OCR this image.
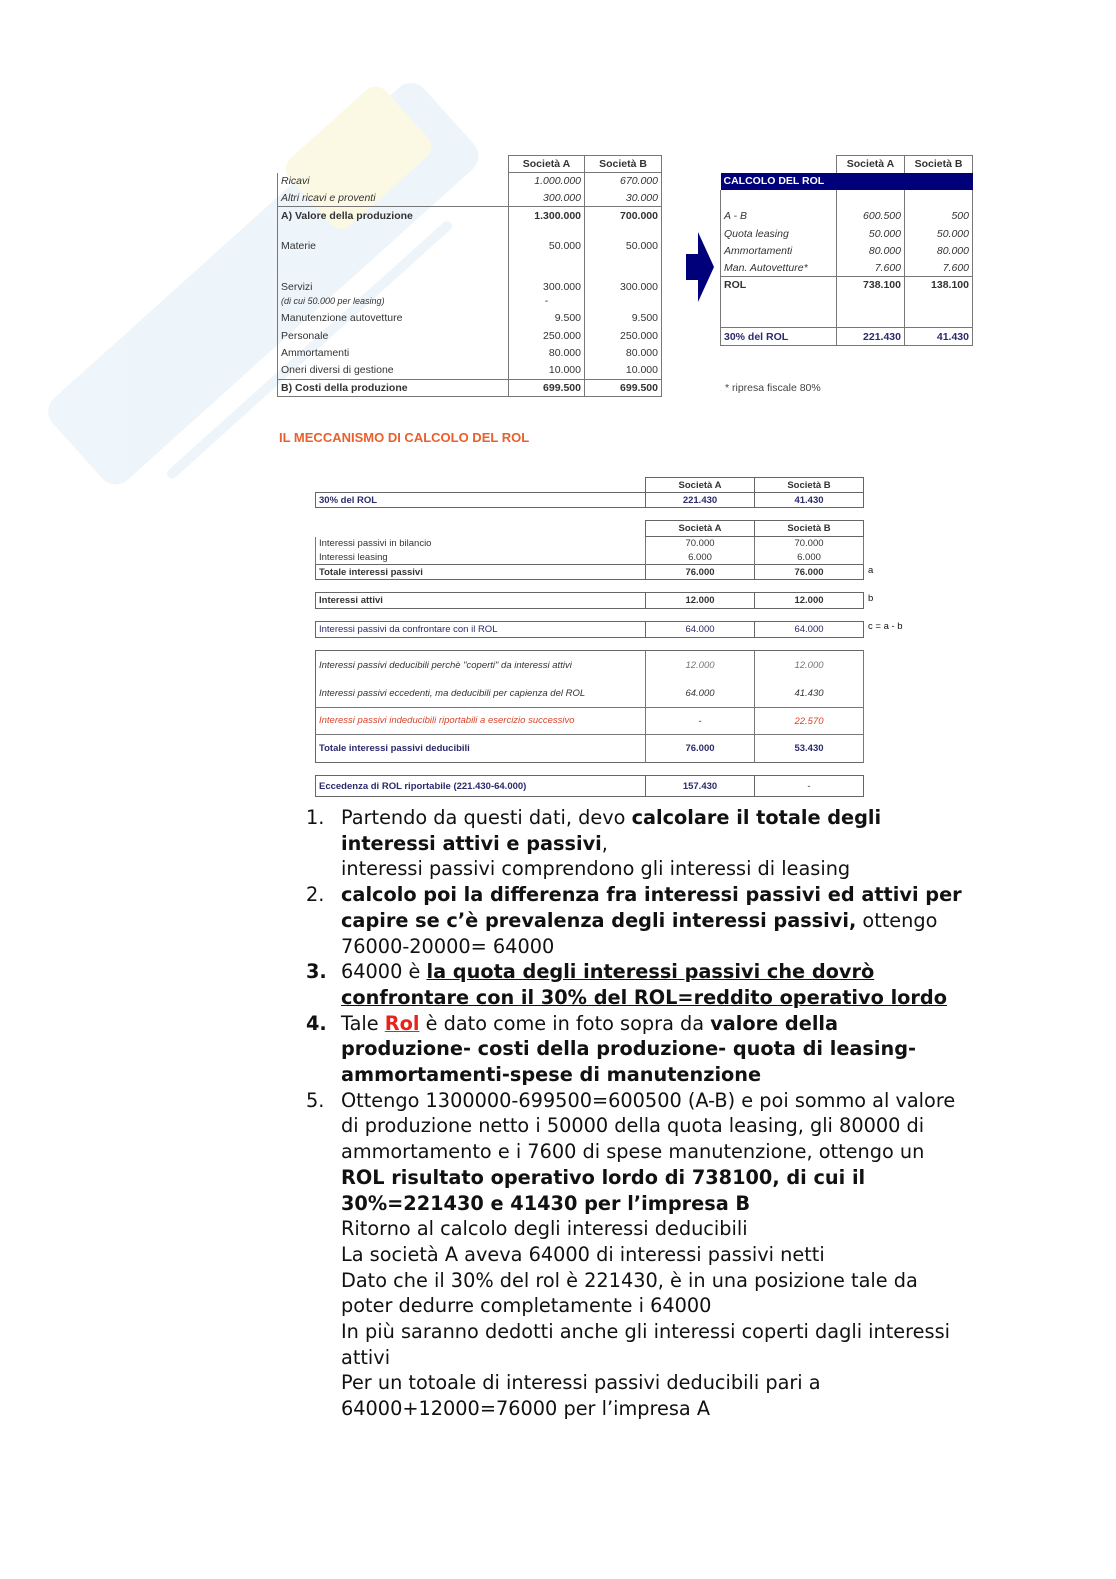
	Società A	Società B
Ricavi	1.000.000	670.000
Altri ricavi e proventi	300.000	30.000
A) Valore della produzione	1.300.000	700.000
Materie	50.000	50.000
Servizi	300.000	300.000
(di cui 50.000 per leasing)	-	
Manutenzione autovetture	9.500	9.500
Personale	250.000	250.000
Ammortamenti	80.000	80.000
Oneri diversi di gestione	10.000	10.000
B) Costi della produzione	699.500	699.500
	Società A	Società B
CALCOLO DEL ROL		

A - B	600.500	500
Quota leasing	50.000	50.000
Ammortamenti	80.000	80.000
Man. Autovetture*	7.600	7.600
ROL	738.100	138.100
30% del ROL	221.430	41.430
* ripresa fiscale 80%
IL MECCANISMO DI CALCOLO DEL ROL
	Società A	Società B
30% del ROL	221.430	41.430
	Società A	Società B
Interessi passivi in bilancio	70.000	70.000
Interessi leasing	6.000	6.000
Totale interessi passivi	76.000	76.000	a
Interessi attivi	12.000	12.000	b
Interessi passivi da confrontare con il ROL	64.000	64.000	c = a - b
Interessi passivi deducibili perchè "coperti" da interessi attivi	12.000	12.000
Interessi passivi eccedenti, ma deducibili per capienza del ROL	64.000	41.430
Interessi passivi indeducibili riportabili a esercizio successivo	-	22.570
Totale interessi passivi deducibili	76.000	53.430
Eccedenza di ROL riportabile (221.430-64.000)	157.430	-
1. Partendo da questi dati, devo calcolare il totale degli
interessi attivi e passivi,
interessi passivi comprendono gli interessi di leasing
2. calcolo poi la differenza fra interessi passivi ed attivi per
capire se c’è prevalenza degli interessi passivi, ottengo
76000-20000= 64000
3. 64000 è la quota degli interessi passivi che dovrò
confrontare con il 30% del ROL=reddito operativo lordo
4. Tale Rol è dato come in foto sopra da valore della
produzione- costi della produzione- quota di leasing-
ammortamenti-spese di manutenzione
5. Ottengo 1300000-699500=600500 (A-B) e poi sommo al valore
di produzione netto i 50000 della quota leasing, gli 80000 di
ammortamento e i 7600 di spese manutenzione, ottengo un
ROL risultato operativo lordo di 738100, di cui il
30%=221430 e 41430 per l’impresa B
Ritorno al calcolo degli interessi deducibili
La società A aveva 64000 di interessi passivi netti
Dato che il 30% del rol è 221430, è in una posizione tale da
poter dedurre completamente i 64000
In più saranno dedotti anche gli interessi coperti dagli interessi
attivi
Per un totoale di interessi passivi deducibili pari a
64000+12000=76000 per l’impresa A
